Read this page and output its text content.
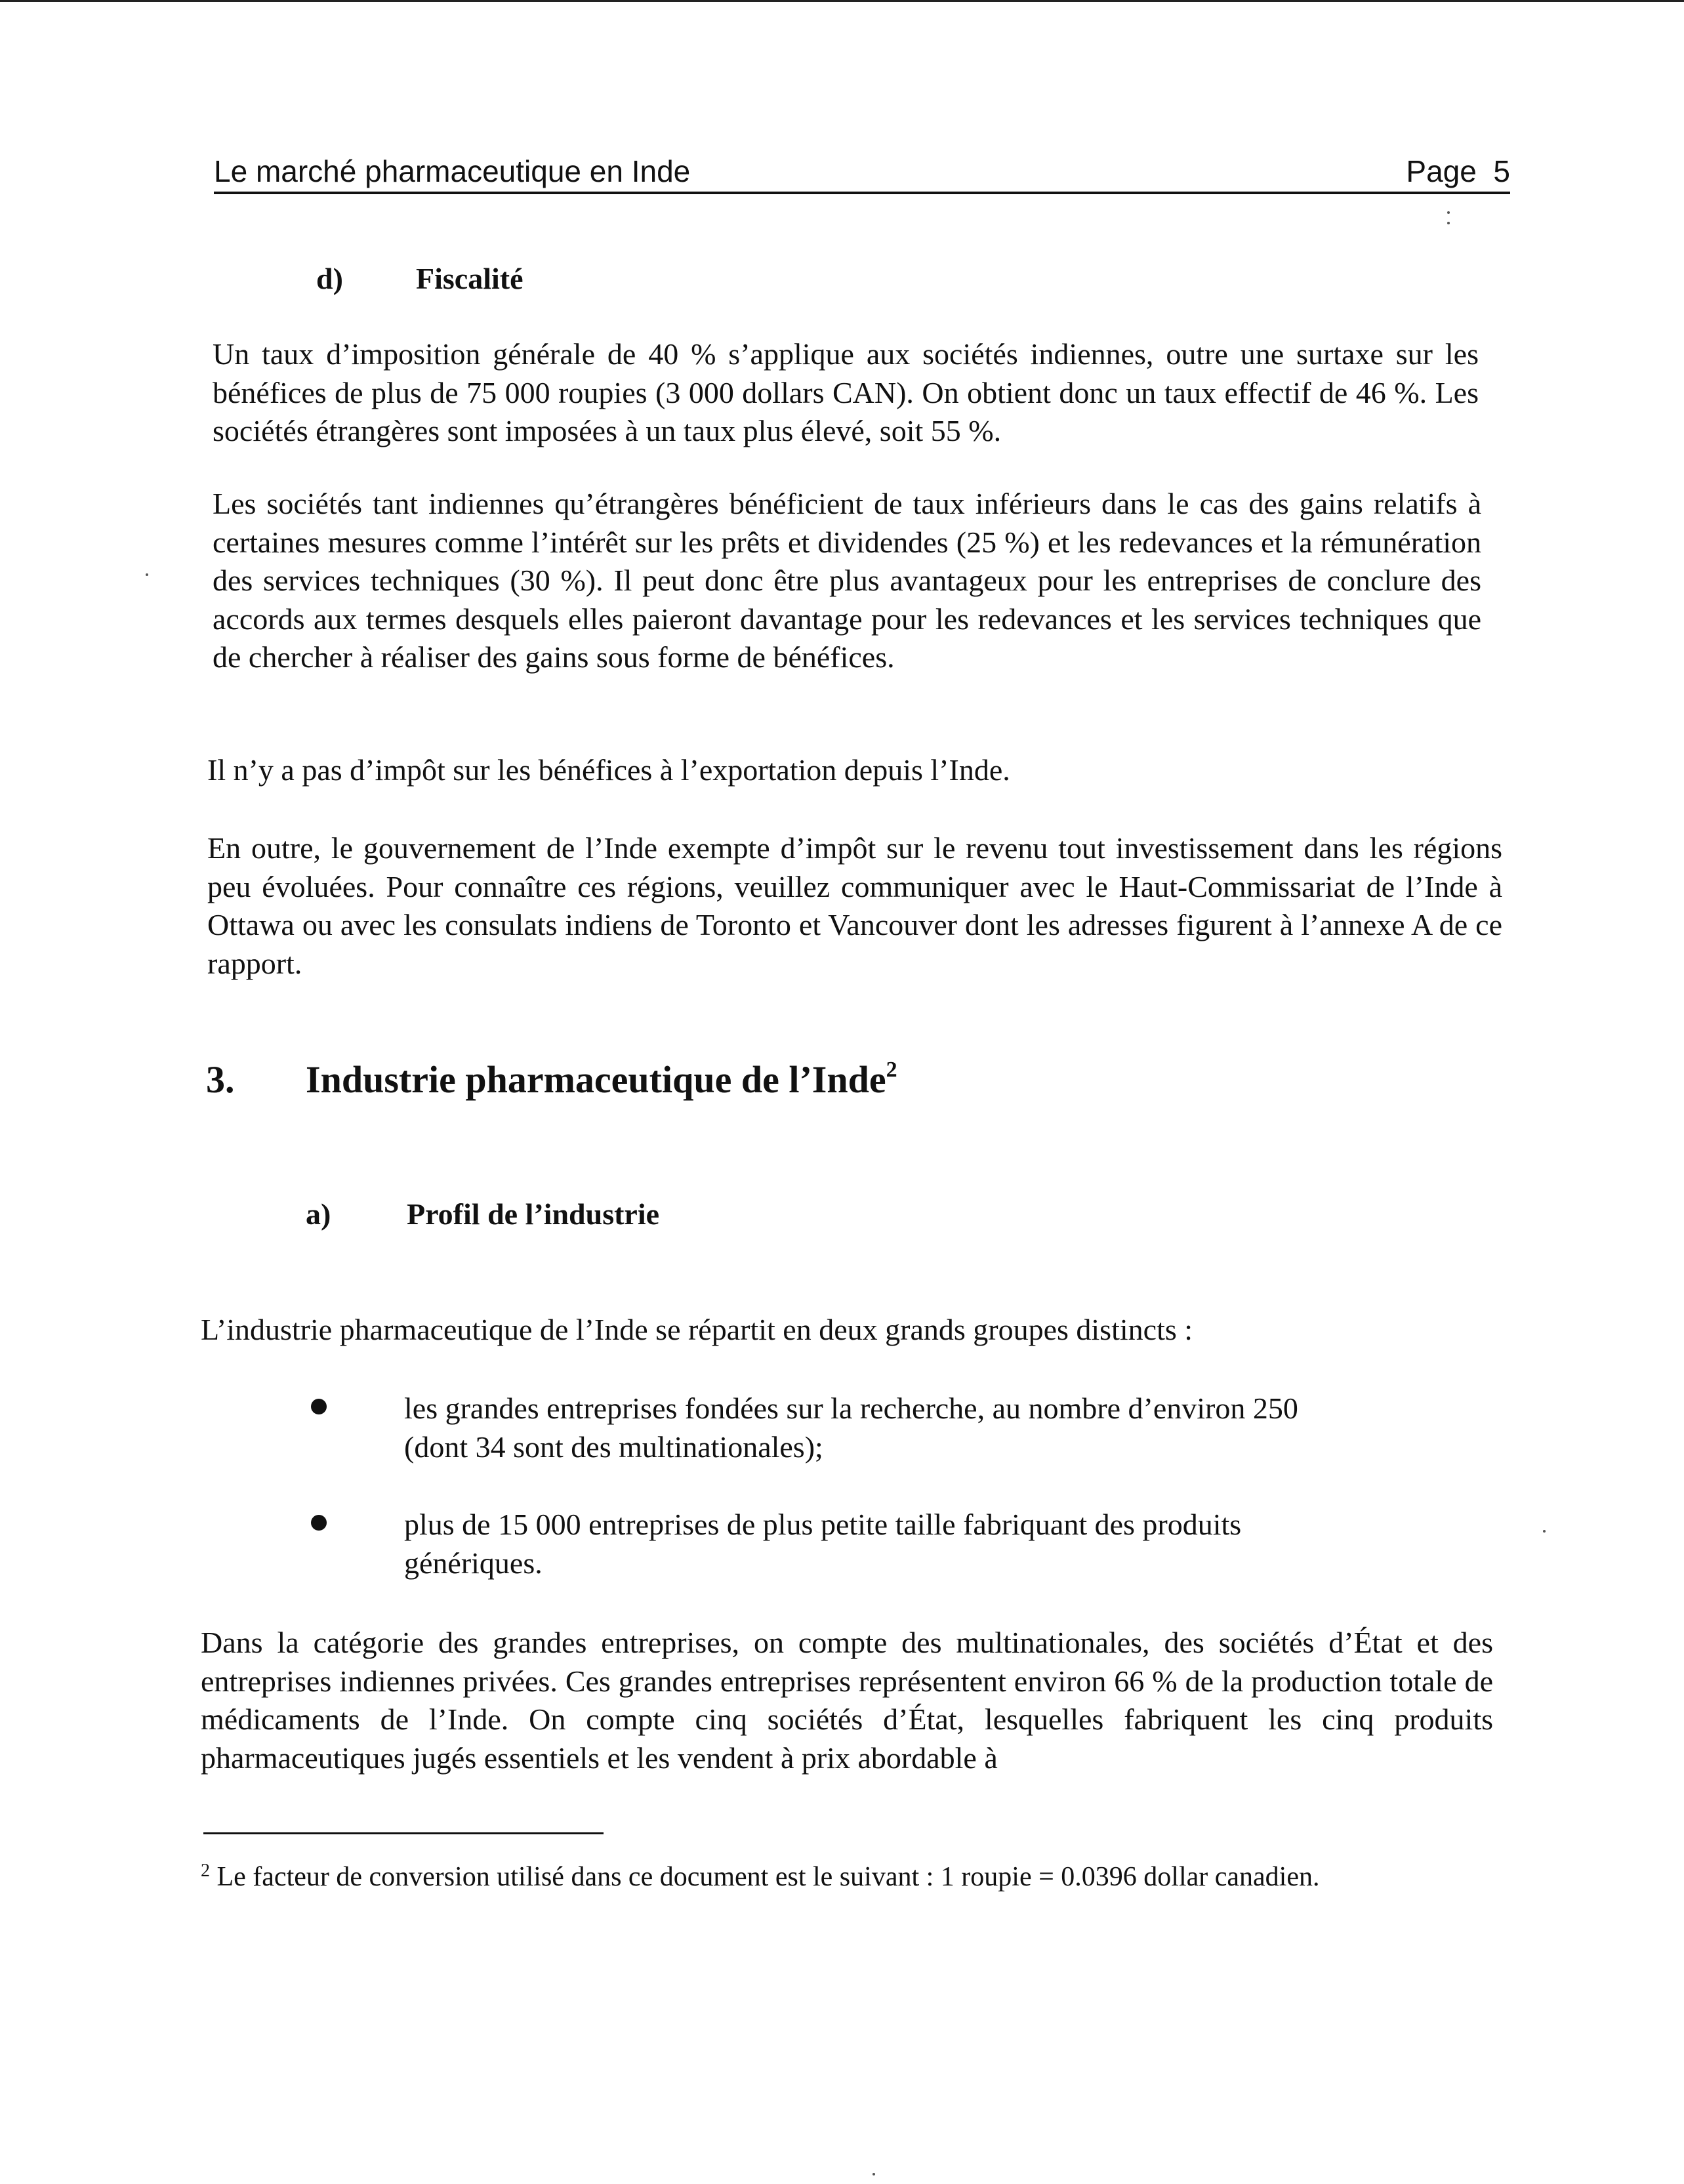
Le marché pharmaceutique en Inde	Page  5
d) Fiscalité
Un taux d’imposition générale de 40 % s’applique aux sociétés indiennes, outre une surtaxe sur les bénéfices de plus de 75 000 roupies (3 000 dollars CAN). On obtient donc un taux effectif de 46 %. Les sociétés étrangères sont imposées à un taux plus élevé, soit 55 %.
Les sociétés tant indiennes qu’étrangères bénéficient de taux inférieurs dans le cas des gains relatifs à certaines mesures comme l’intérêt sur les prêts et dividendes (25 %) et les redevances et la rémunération des services techniques (30 %). Il peut donc être plus avantageux pour les entreprises de conclure des accords aux termes desquels elles paieront davantage pour les redevances et les services techniques que de chercher à réaliser des gains sous forme de bénéfices.
Il n’y a pas d’impôt sur les bénéfices à l’exportation depuis l’Inde.
En outre, le gouvernement de l’Inde exempte d’impôt sur le revenu tout investissement dans les régions peu évoluées. Pour connaître ces régions, veuillez communiquer avec le Haut-Commissariat de l’Inde à Ottawa ou avec les consulats indiens de Toronto et Vancouver dont les adresses figurent à l’annexe A de ce rapport.
3. Industrie pharmaceutique de l’Inde$^2$
a)	Profil de l’industrie
L’industrie pharmaceutique de l’Inde se répartit en deux grands groupes distincts :
les grandes entreprises fondées sur la recherche, au nombre d’environ 250 (dont 34 sont des multinationales);
plus de 15 000 entreprises de plus petite taille fabriquant des produits génériques.
Dans la catégorie des grandes entreprises, on compte des multinationales, des sociétés d’État et des entreprises indiennes privées. Ces grandes entreprises représentent environ 66 % de la production totale de médicaments de l’Inde. On compte cinq sociétés d’État, lesquelles fabriquent les cinq produits pharmaceutiques jugés essentiels et les vendent à prix abordable à
$^2$ Le facteur de conversion utilisé dans ce document est le suivant : 1 roupie = 0.0396 dollar canadien.
